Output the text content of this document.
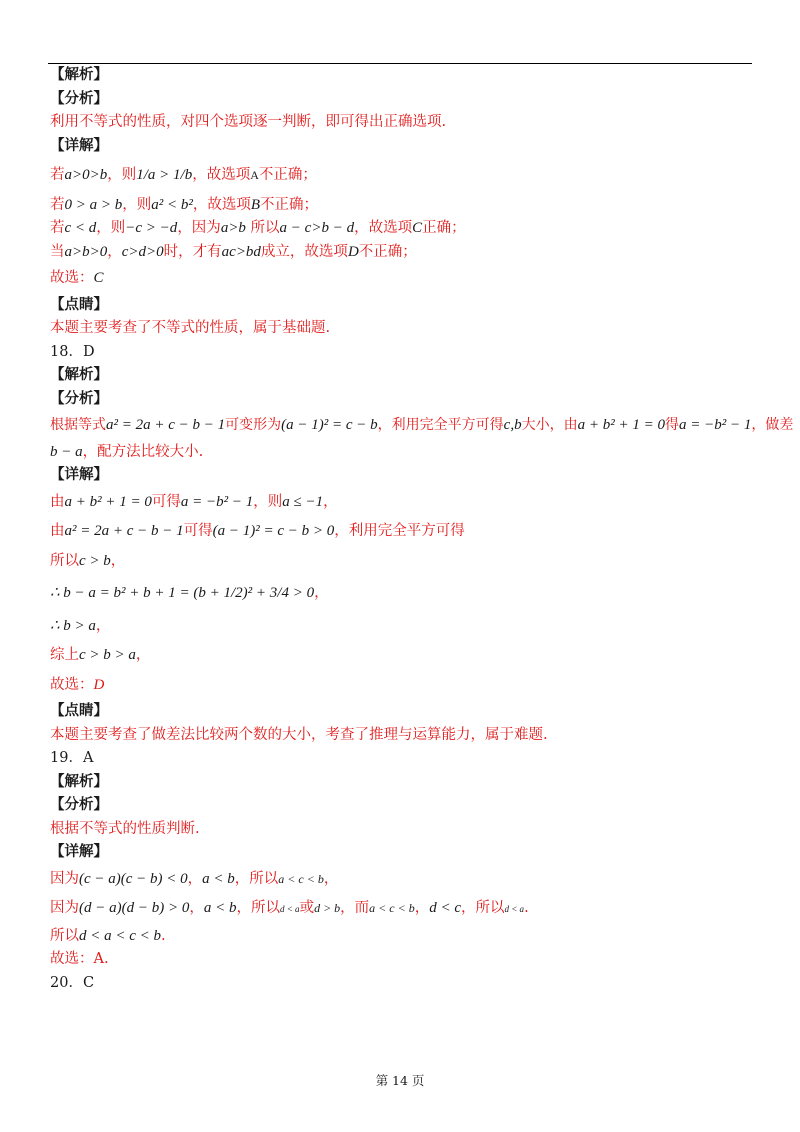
【解析】
【分析】
利用不等式的性质，对四个选项逐一判断，即可得出正确选项.
【详解】
若a>0>b，则1/a > 1/b，故选项A不正确；
若0 > a > b，则a² < b²，故选项B不正确；
若c < d，则−c > −d，因为a>b 所以a − c>b − d，故选项C正确；
当a>b>0，c>d>0时，才有ac>bd成立，故选项D不正确；
故选：C
【点睛】
本题主要考查了不等式的性质，属于基础题.
18．D
【解析】
【分析】
根据等式a² = 2a + c − b − 1可变形为(a − 1)² = c − b，利用完全平方可得c,b大小，由a + b² + 1 = 0得a = −b² − 1，做差
b − a，配方法比较大小.
【详解】
由a + b² + 1 = 0可得a = −b² − 1，则a ≤ −1，
由a² = 2a + c − b − 1可得(a − 1)² = c − b > 0，利用完全平方可得
所以c > b，
∴ b − a = b² + b + 1 = (b + 1/2)² + 3/4 > 0，
∴ b > a，
综上c > b > a，
故选：D
【点睛】
本题主要考查了做差法比较两个数的大小，考查了推理与运算能力，属于难题.
19．A
【解析】
【分析】
根据不等式的性质判断.
【详解】
因为(c − a)(c − b) < 0，a < b，所以a < c < b，
因为(d − a)(d − b) > 0，a < b，所以d < a或d > b，而a < c < b，d < c，所以d < a.
所以d < a < c < b.
故选：A.
20．C
第 14 页
